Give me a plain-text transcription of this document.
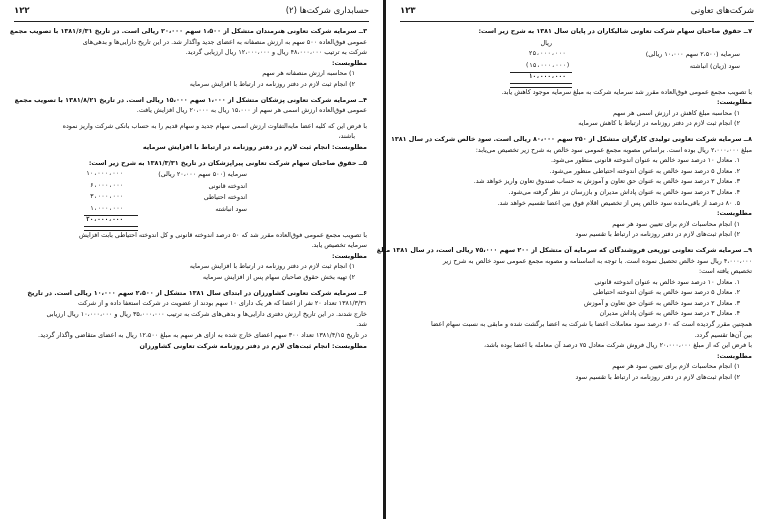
۱۲۲	حسابداری شرکت‌ها (۲)
۳ــ سرمایه شرکت تعاونی هنرمندان متشکل از ۱،۵۰۰ سهم ۲۰،۰۰۰ ریالی است. در تاریخ ۱۳۸۱/۶/۳۱ با تصویب مجمع
عمومی فوق‌العاده ۵۰۰ سهم به ارزش منصفانه به اعضای جدید واگذار شد. در این تاریخ دارایی‌ها و بدهی‌های
شرکت به ترتیب ۴۸،۰۰۰،۰۰۰ ریال و ۱۲،۰۰۰،۰۰۰ ریال ارزیابی گردید.
مطلوبست:
۱) محاسبه ارزش منصفانه هر سهم
۲) انجام ثبت لازم در دفتر روزنامه در ارتباط با افزایش سرمایه
۴ــ سرمایه شرکت تعاونی پزشکان متشکل از ۱،۰۰۰ سهم ۱۵،۰۰۰ ریالی است. در تاریخ ۱۳۸۱/۸/۲۱ با تصویب مجمع
عمومی فوق‌العاده ارزش اسمی هر سهم از ۱۵،۰۰۰ ریال به ۲۰،۰۰۰ ریال افزایش یافت.
با فرض این که کلیه اعضا مابه‌التفاوت ارزش اسمی سهام جدید و سهام قدیم را به حساب بانکی شرکت واریز نموده
باشند،
مطلوبست: انجام ثبت لازم در دفتر روزنامه در ارتباط با افزایش سرمایه
۵ــ حقوق صاحبان سهام شرکت تعاونی پیراپزشکان در تاریخ ۱۳۸۱/۳/۳۱ به شرح زیر است:
سرمایه (۵۰۰ سهم ۲۰،۰۰۰ ریالی)
۱۰،۰۰۰،۰۰۰
اندوخته قانونی
۶،۰۰۰،۰۰۰
اندوخته احتیاطی
۳،۰۰۰،۰۰۰
سود انباشته
۱،۰۰۰،۰۰۰
۲۰،۰۰۰،۰۰۰
با تصویب مجمع عمومی فوق‌العاده مقرر شد که ۵۰ درصد اندوخته قانونی و کل اندوخته احتیاطی بابت افزایش
سرمایه تخصیص یابد.
مطلوبست:
۱) انجام ثبت لازم در دفتر روزنامه در ارتباط با افزایش سرمایه
۲) تهیه بخش حقوق صاحبان سهام پس از افزایش سرمایه
۶ــ سرمایه شرکت تعاونی کشاورزان در ابتدای سال ۱۳۸۱ متشکل از ۲،۵۰۰ سهم ۱۰،۰۰۰ ریالی است. در تاریخ
۱۳۸۱/۳/۳۱ تعداد ۲۰ نفر از اعضا که هر یک دارای ۱۰ سهم بودند از عضویت در شرکت استعفا داده و از شرکت
خارج شدند. در این تاریخ ارزش دفتری دارایی‌ها و بدهی‌های شرکت به ترتیب ۳۵،۰۰۰،۰۰۰ ریال و ۱۰،۰۰۰،۰۰۰ ریال ارزیابی
شد.
در تاریخ ۱۳۸۱/۴/۱۵ تعداد ۳۰۰ سهم اعضای خارج شده به ازای هر سهم به مبلغ ۱۲،۵۰۰ ریال به اعضای متقاضی واگذار گردید.
مطلوبست: انجام ثبت‌های لازم در دفتر روزنامه شرکت تعاونی کشاورزان
شرکت‌های تعاونی
۱۲۳
۷ــ حقوق صاحبان سهام شرکت تعاونی شالیکاران در پایان سال ۱۳۸۱ به شرح زیر است:
ریال
سرمایه (۲،۵۰۰ سهم ۱۰،۰۰۰ ریالی)
۲۵،۰۰۰،۰۰۰
سود (زیان) انباشته
(۱۵،۰۰۰،۰۰۰)
۱۰،۰۰۰،۰۰۰
با تصویب مجمع عمومی فوق‌العاده مقرر شد سرمایه شرکت به مبلغ سرمایه موجود کاهش یابد.
مطلوبست:
۱) محاسبه مبلغ کاهش در ارزش اسمی هر سهم
۲) انجام ثبت لازم در دفتر روزنامه در ارتباط با کاهش سرمایه
۸ــ سرمایه شرکت تعاونی تولیدی کارگران متشکل از ۲۵۰ سهم ۸۰،۰۰۰ ریالی است. سود خالص شرکت در سال ۱۳۸۱
مبلغ ۲،۰۰۰،۰۰۰ ریال بوده است. براساس مصوبه مجمع عمومی سود خالص به شرح زیر تخصیص می‌یابد:
۱. معادل ۱۰ درصد سود خالص به عنوان اندوخته قانونی منظور می‌شود.
۲. معادل ۵ درصد سود خالص به عنوان اندوخته احتیاطی منظور می‌شود.
۳. معادل ۲ درصد سود خالص به عنوان حق تعاون و آموزش به حساب صندوق تعاون واریز خواهد شد.
۴. معادل ۳ درصد سود خالص به عنوان پاداش مدیران و بازرسان در نظر گرفته می‌شود.
۵. ۸۰ درصد از باقی‌مانده سود خالص پس از تخصیص اقلام فوق بین اعضا تقسیم خواهد شد.
مطلوبست:
۱) انجام محاسبات لازم برای تعیین سود هر سهم
۲) انجام ثبت‌های لازم در دفتر روزنامه در ارتباط با تقسیم سود
۹ــ سرمایه شرکت تعاونی توزیعی فروشندگان که سرمایه آن متشکل از ۲۰۰ سهم ۷۵،۰۰۰ ریالی است، در سال ۱۳۸۱ مبلغ
۴،۰۰۰،۰۰۰ ریال سود خالص تحصیل نموده است. با توجه به اساسنامه و مصوبه مجمع عمومی سود خالص به شرح زیر
تخصیص یافته است:
۱. معادل ۱۰ درصد سود خالص به عنوان اندوخته قانونی
۲. معادل ۵ درصد سود خالص به عنوان اندوخته احتیاطی
۳. معادل ۲ درصد سود خالص به عنوان حق تعاون و آموزش
۴. معادل ۳ درصد سود خالص به عنوان پاداش مدیران
همچنین مقرر گردیده است که ۶۰ درصد سود معاملات اعضا با شرکت به اعضا برگشت شده و مابقی به نسبت سهام اعضا
بین آن‌ها تقسیم گردد.
با فرض این که از مبلغ ۲۰،۰۰۰،۰۰۰ ریال فروش شرکت معادل ۷۵ درصد آن معامله با اعضا بوده باشد،
مطلوبست:
۱) انجام محاسبات لازم برای تعیین سود هر سهم
۲) انجام ثبت‌های لازم در دفتر روزنامه در ارتباط با تقسیم سود
